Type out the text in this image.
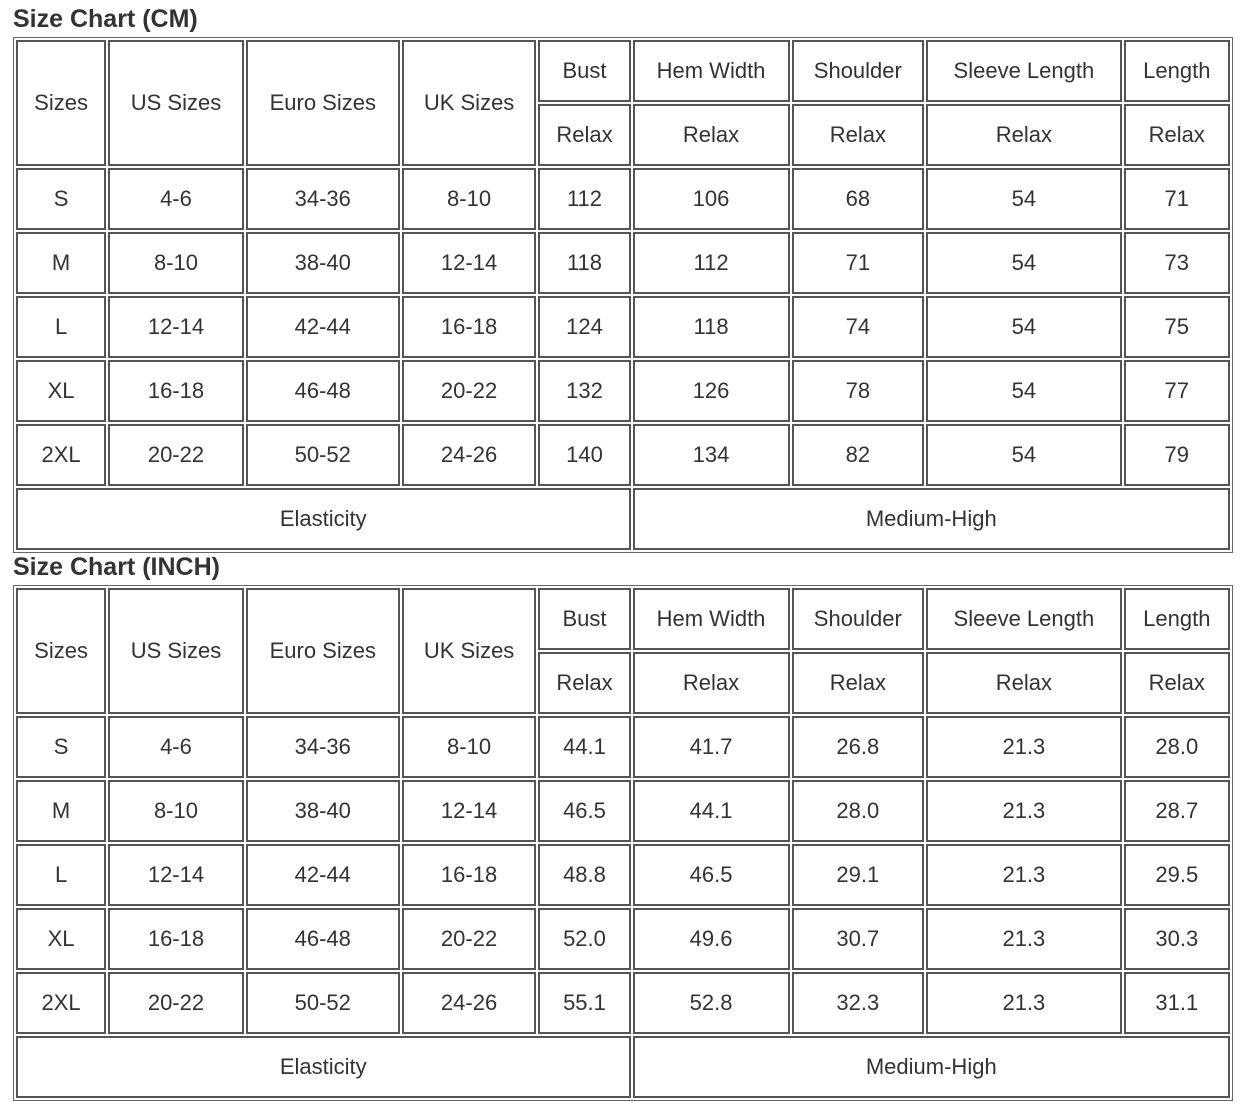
Size Chart (CM)
Sizes	US Sizes	Euro Sizes	UK Sizes	Bust	Hem Width	Shoulder	Sleeve Length	Length
				Relax	Relax	Relax	Relax	Relax
S	4-6	34-36	8-10	112	106	68	54	71
M	8-10	38-40	12-14	118	112	71	54	73
L	12-14	42-44	16-18	124	118	74	54	75
XL	16-18	46-48	20-22	132	126	78	54	77
2XL	20-22	50-52	24-26	140	134	82	54	79
Elasticity					Medium-High			
Size Chart (INCH)
Sizes	US Sizes	Euro Sizes	UK Sizes	Bust	Hem Width	Shoulder	Sleeve Length	Length
				Relax	Relax	Relax	Relax	Relax
S	4-6	34-36	8-10	44.1	41.7	26.8	21.3	28.0
M	8-10	38-40	12-14	46.5	44.1	28.0	21.3	28.7
L	12-14	42-44	16-18	48.8	46.5	29.1	21.3	29.5
XL	16-18	46-48	20-22	52.0	49.6	30.7	21.3	30.3
2XL	20-22	50-52	24-26	55.1	52.8	32.3	21.3	31.1
Elasticity					Medium-High			
